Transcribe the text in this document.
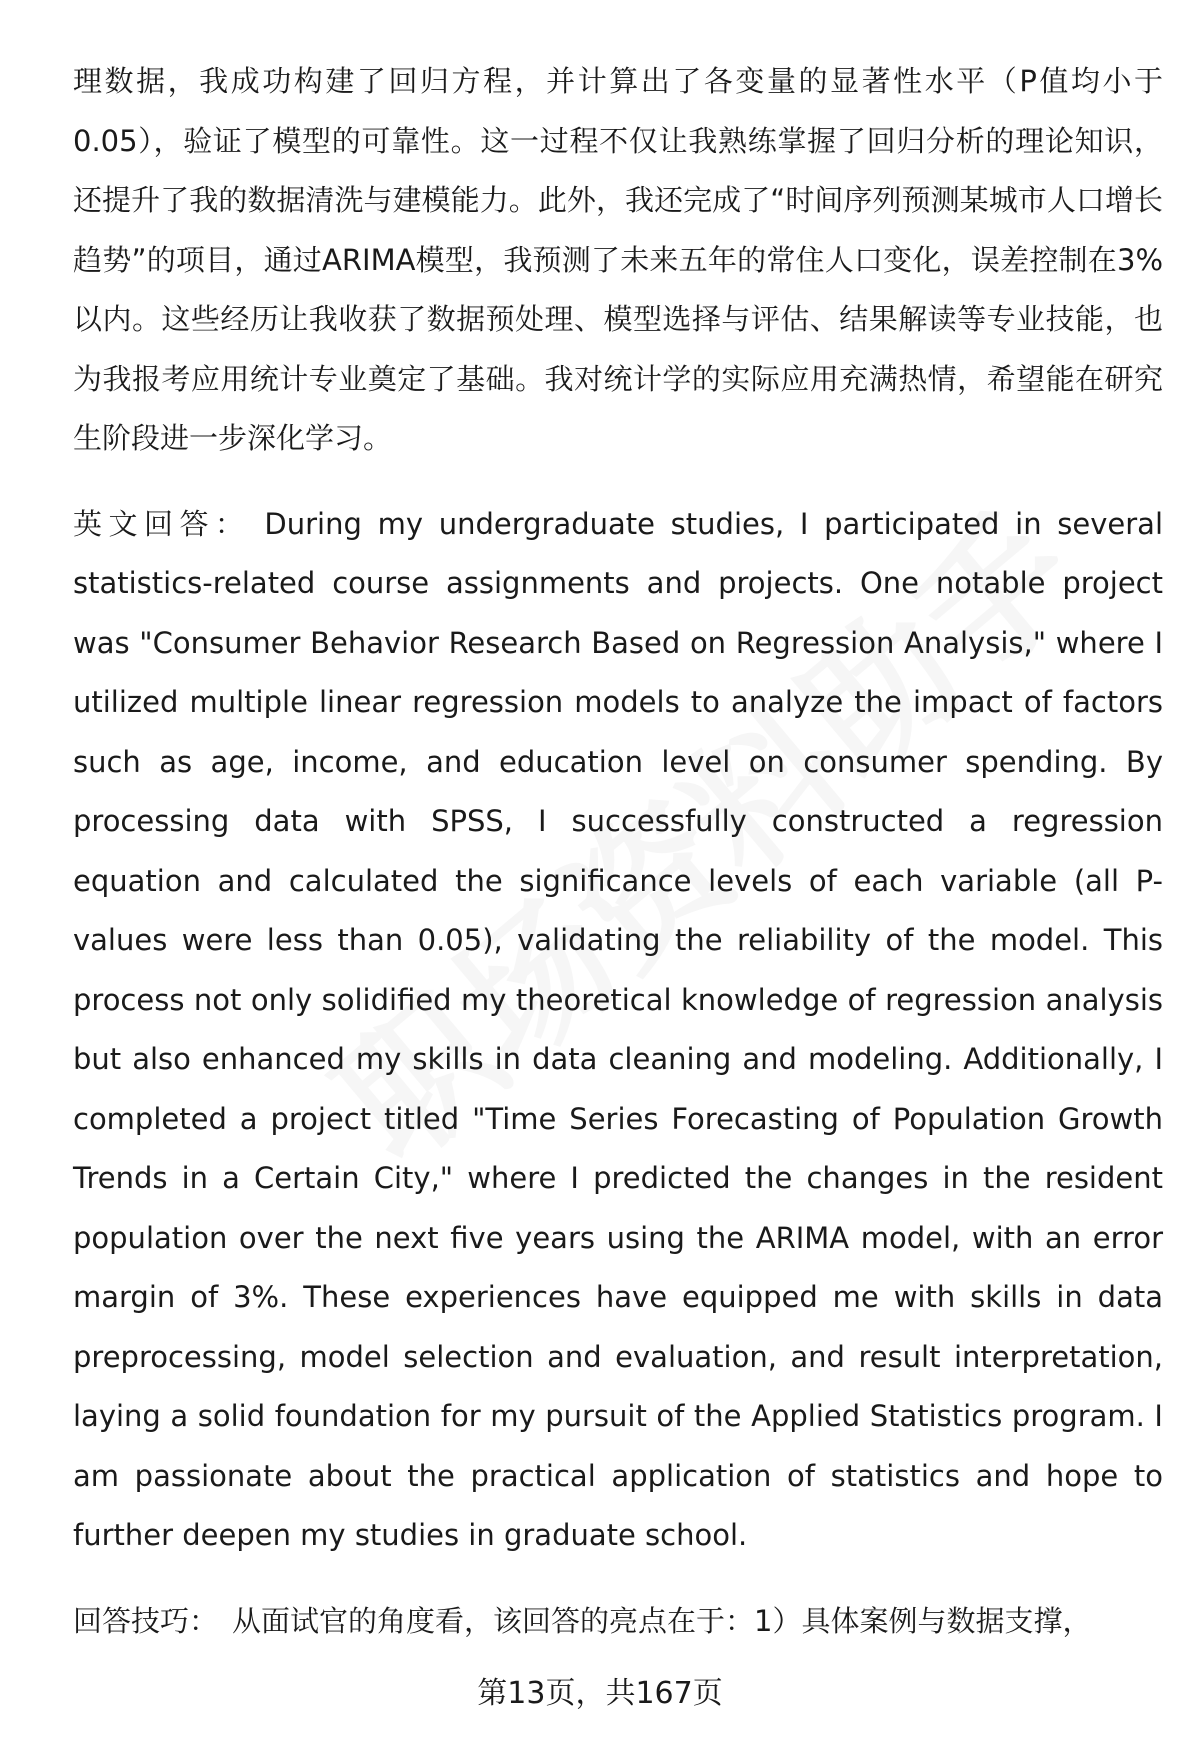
理数据，我成功构建了回归方程，并计算出了各变量的显著性水平（P值均小于0.05），验证了模型的可靠性。这一过程不仅让我熟练掌握了回归分析的理论知识，还提升了我的数据清洗与建模能力。此外，我还完成了“时间序列预测某城市人口增长趋势”的项目，通过ARIMA模型，我预测了未来五年的常住人口变化，误差控制在3%以内。这些经历让我收获了数据预处理、模型选择与评估、结果解读等专业技能，也为我报考应用统计专业奠定了基础。我对统计学的实际应用充满热情，希望能在研究生阶段进一步深化学习。

英文回答： During my undergraduate studies, I participated in several statistics-related course assignments and projects. One notable project was "Consumer Behavior Research Based on Regression Analysis," where I utilized multiple linear regression models to analyze the impact of factors such as age, income, and education level on consumer spending. By processing data with SPSS, I successfully constructed a regression equation and calculated the significance levels of each variable (all P-values were less than 0.05), validating the reliability of the model. This process not only solidified my theoretical knowledge of regression analysis but also enhanced my skills in data cleaning and modeling. Additionally, I completed a project titled "Time Series Forecasting of Population Growth Trends in a Certain City," where I predicted the changes in the resident population over the next five years using the ARIMA model, with an error margin of 3%. These experiences have equipped me with skills in data preprocessing, model selection and evaluation, and result interpretation, laying a solid foundation for my pursuit of the Applied Statistics program. I am passionate about the practical application of statistics and hope to further deepen my studies in graduate school.

回答技巧： 从面试官的角度看，该回答的亮点在于：1）具体案例与数据支撑，

第13页，共167页
